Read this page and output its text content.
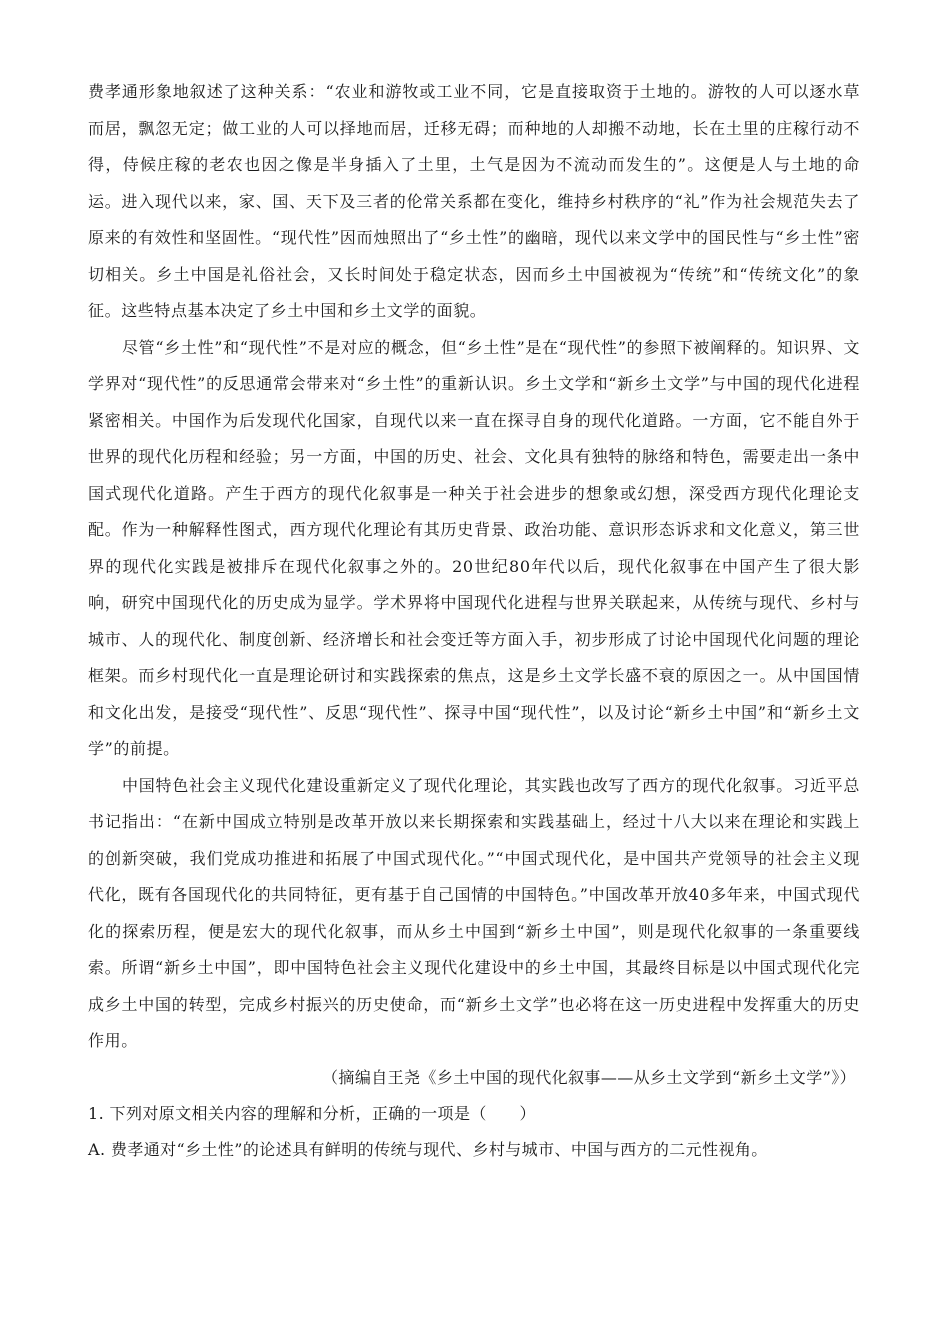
费孝通形象地叙述了这种关系：“农业和游牧或工业不同，它是直接取资于土地的。游牧的人可以逐水草而居，飘忽无定；做工业的人可以择地而居，迁移无碍；而种地的人却搬不动地，长在土里的庄稼行动不得，侍候庄稼的老农也因之像是半身插入了土里，土气是因为不流动而发生的”。这便是人与土地的命运。进入现代以来，家、国、天下及三者的伦常关系都在变化，维持乡村秩序的“礼”作为社会规范失去了原来的有效性和坚固性。“现代性”因而烛照出了“乡土性”的幽暗，现代以来文学中的国民性与“乡土性”密切相关。乡土中国是礼俗社会，又长时间处于稳定状态，因而乡土中国被视为“传统”和“传统文化”的象征。这些特点基本决定了乡土中国和乡土文学的面貌。

尽管“乡土性”和“现代性”不是对应的概念，但“乡土性”是在“现代性”的参照下被阐释的。知识界、文学界对“现代性”的反思通常会带来对“乡土性”的重新认识。乡土文学和“新乡土文学”与中国的现代化进程紧密相关。中国作为后发现代化国家，自现代以来一直在探寻自身的现代化道路。一方面，它不能自外于世界的现代化历程和经验；另一方面，中国的历史、社会、文化具有独特的脉络和特色，需要走出一条中国式现代化道路。产生于西方的现代化叙事是一种关于社会进步的想象或幻想，深受西方现代化理论支配。作为一种解释性图式，西方现代化理论有其历史背景、政治功能、意识形态诉求和文化意义，第三世界的现代化实践是被排斥在现代化叙事之外的。20世纪80年代以后，现代化叙事在中国产生了很大影响，研究中国现代化的历史成为显学。学术界将中国现代化进程与世界关联起来，从传统与现代、乡村与城市、人的现代化、制度创新、经济增长和社会变迁等方面入手，初步形成了讨论中国现代化问题的理论框架。而乡村现代化一直是理论研讨和实践探索的焦点，这是乡土文学长盛不衰的原因之一。从中国国情和文化出发，是接受“现代性”、反思“现代性”、探寻中国“现代性”，以及讨论“新乡土中国”和“新乡土文学”的前提。

中国特色社会主义现代化建设重新定义了现代化理论，其实践也改写了西方的现代化叙事。习近平总书记指出：“在新中国成立特别是改革开放以来长期探索和实践基础上，经过十八大以来在理论和实践上的创新突破，我们党成功推进和拓展了中国式现代化。”“中国式现代化，是中国共产党领导的社会主义现代化，既有各国现代化的共同特征，更有基于自己国情的中国特色。”中国改革开放40多年来，中国式现代化的探索历程，便是宏大的现代化叙事，而从乡土中国到“新乡土中国”，则是现代化叙事的一条重要线索。所谓“新乡土中国”，即中国特色社会主义现代化建设中的乡土中国，其最终目标是以中国式现代化完成乡土中国的转型，完成乡村振兴的历史使命，而“新乡土文学”也必将在这一历史进程中发挥重大的历史作用。

（摘编自王尧《乡土中国的现代化叙事——从乡土文学到“新乡土文学”》）

1. 下列对原文相关内容的理解和分析，正确的一项是（　　）

A. 费孝通对“乡土性”的论述具有鲜明的传统与现代、乡村与城市、中国与西方的二元性视角。
